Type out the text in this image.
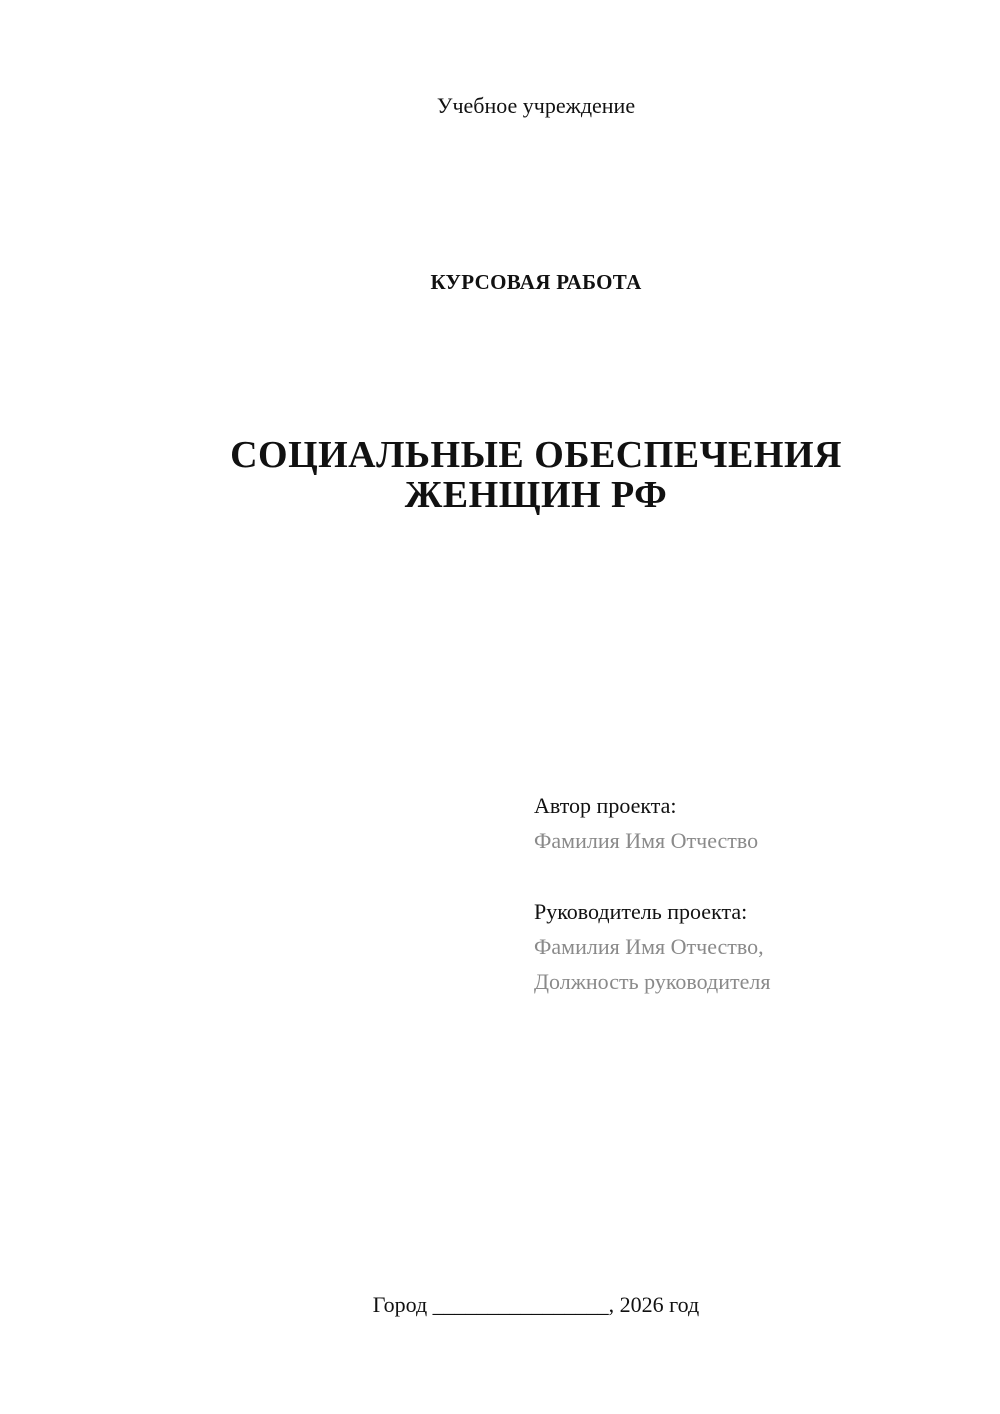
Учебное учреждение
КУРСОВАЯ РАБОТА
СОЦИАЛЬНЫЕ ОБЕСПЕЧЕНИЯ
ЖЕНЩИН РФ
Автор проекта:
Фамилия Имя Отчество
Руководитель проекта:
Фамилия Имя Отчество,
Должность руководителя
Город ________________, 2026 год
